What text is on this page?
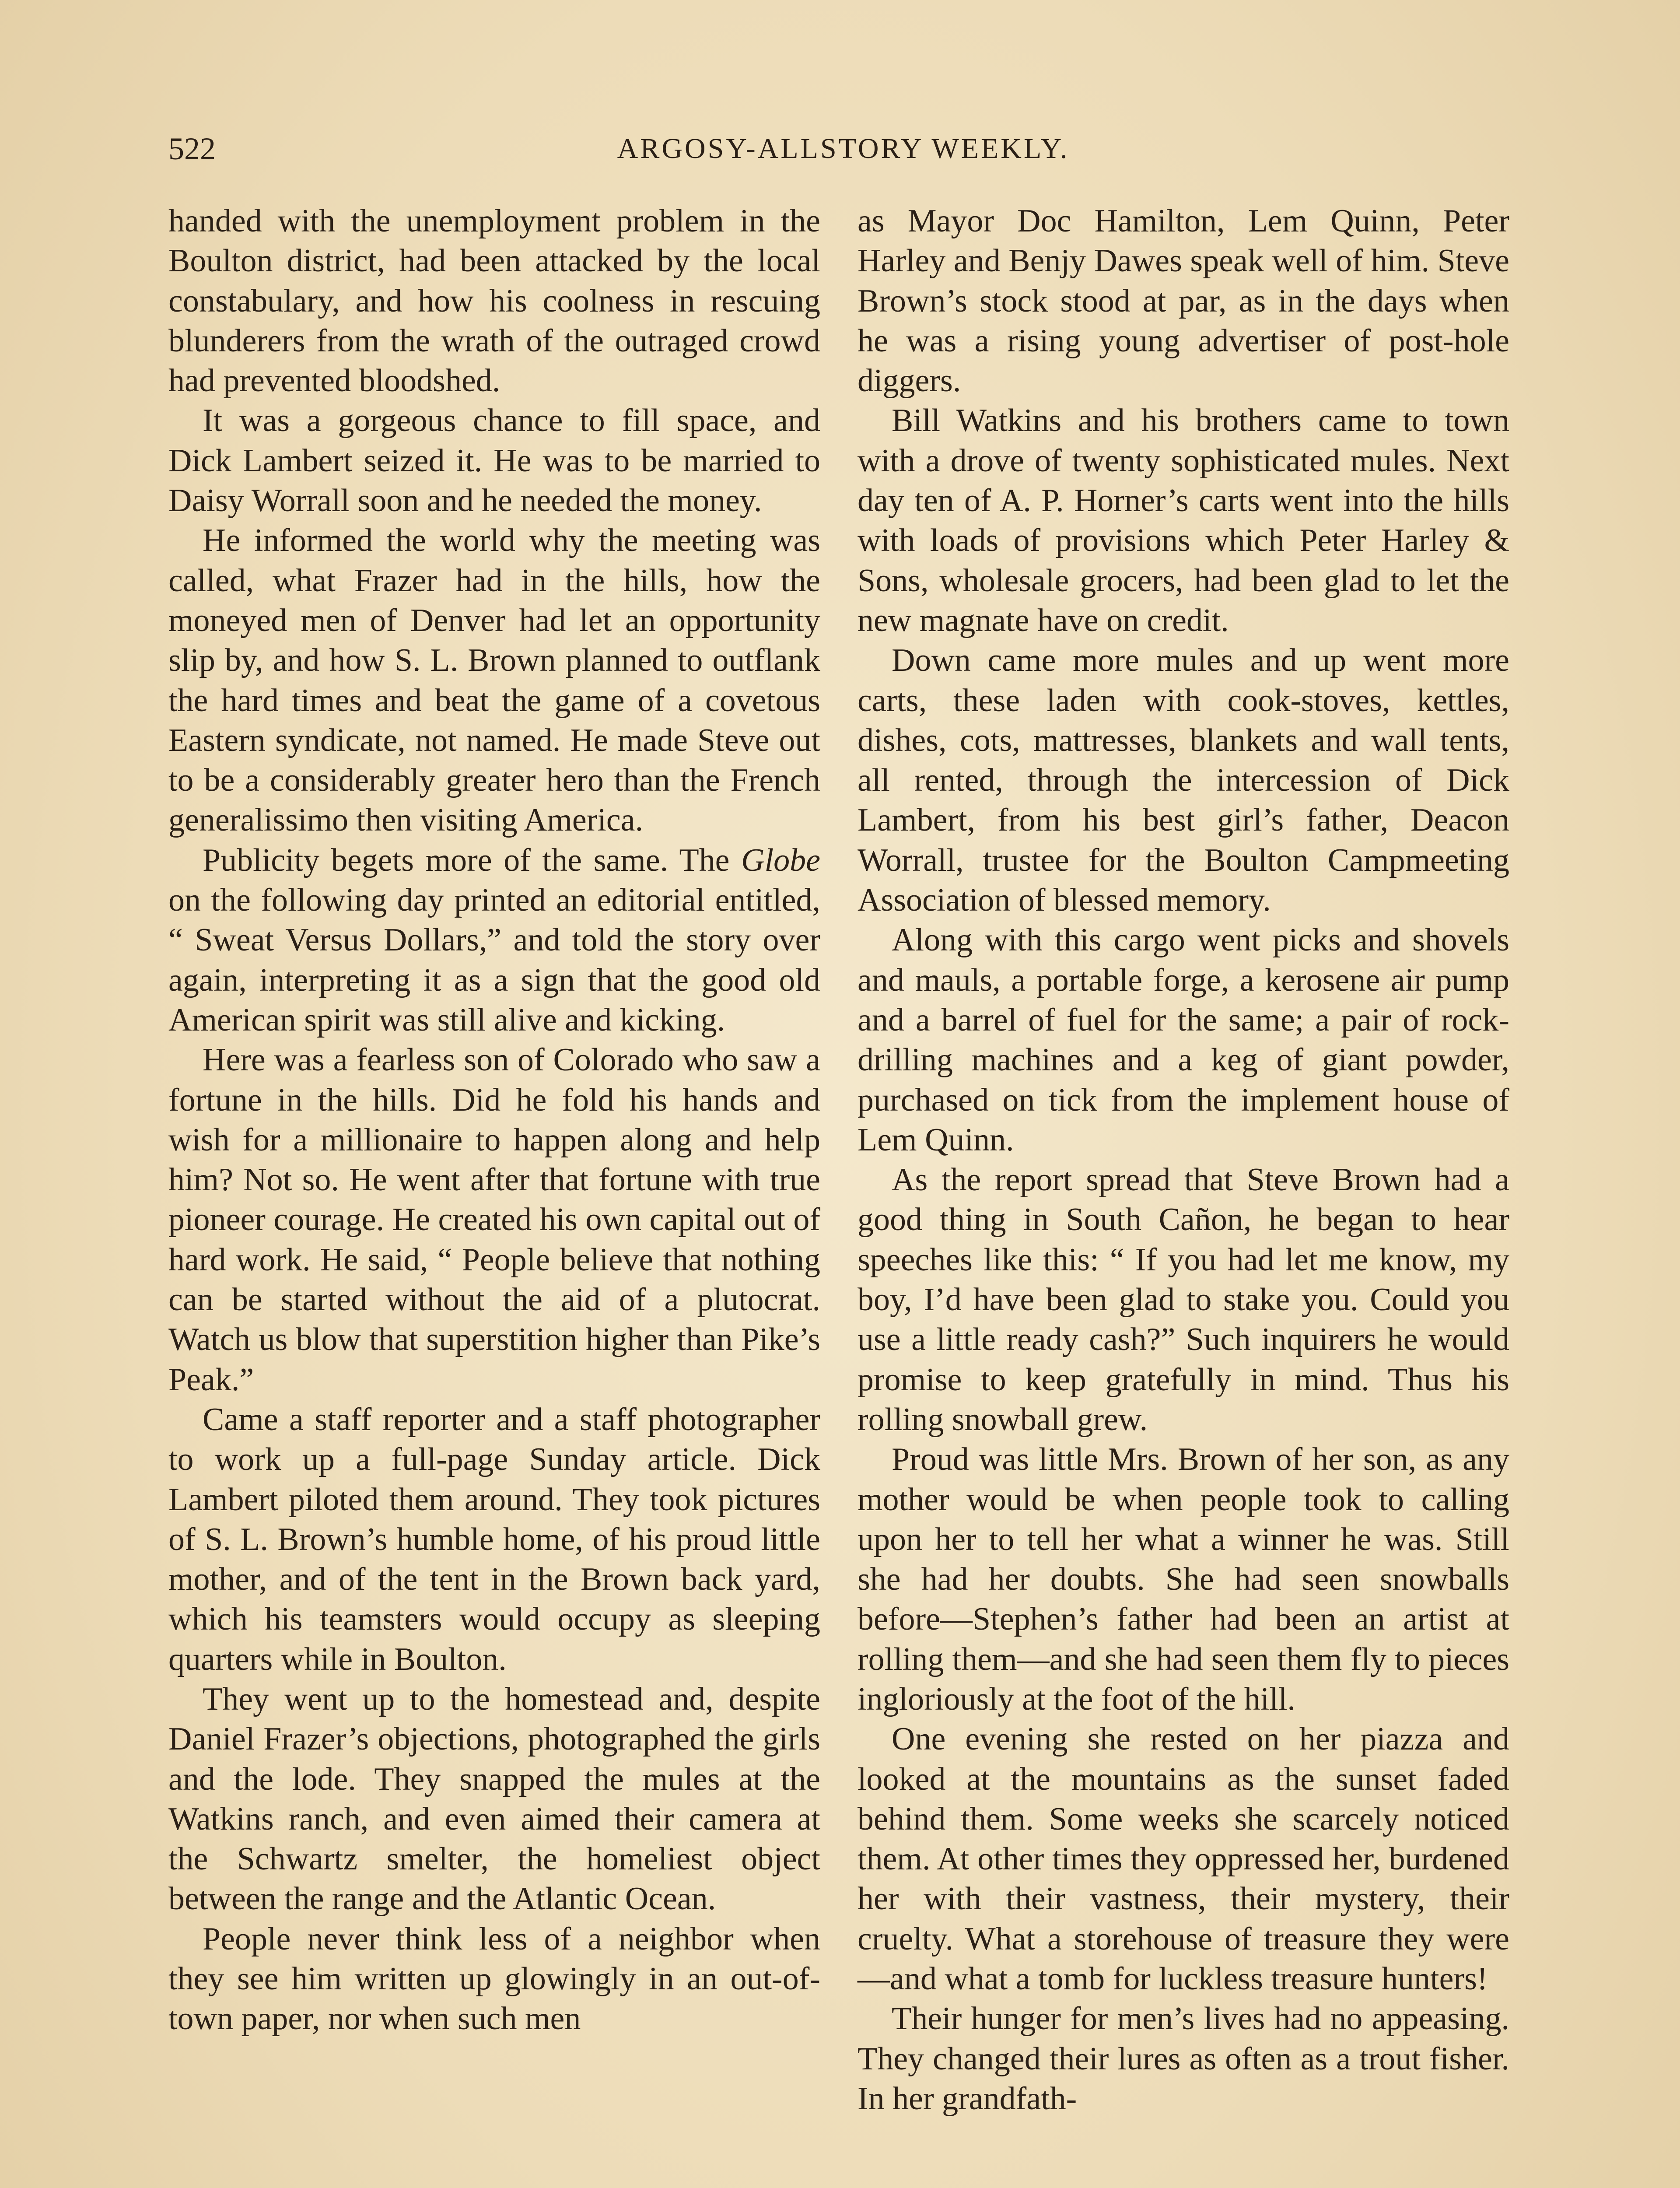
522	ARGOSY-ALLSTORY WEEKLY.

handed with the unemployment problem in the Boulton district, had been attacked by the local constabulary, and how his coolness in rescuing blunderers from the wrath of the outraged crowd had prevented bloodshed.

It was a gorgeous chance to fill space, and Dick Lambert seized it. He was to be married to Daisy Worrall soon and he needed the money.

He informed the world why the meeting was called, what Frazer had in the hills, how the moneyed men of Denver had let an opportunity slip by, and how S. L. Brown planned to outflank the hard times and beat the game of a covetous Eastern syndicate, not named. He made Steve out to be a considerably greater hero than the French generalissimo then visiting America.

Publicity begets more of the same. The Globe on the following day printed an editorial entitled, “ Sweat Versus Dollars,” and told the story over again, interpreting it as a sign that the good old American spirit was still alive and kicking.

Here was a fearless son of Colorado who saw a fortune in the hills. Did he fold his hands and wish for a millionaire to happen along and help him? Not so. He went after that fortune with true pioneer courage. He created his own capital out of hard work. He said, “ People believe that nothing can be started without the aid of a plutocrat. Watch us blow that superstition higher than Pike’s Peak.”

Came a staff reporter and a staff photographer to work up a full-page Sunday article. Dick Lambert piloted them around. They took pictures of S. L. Brown’s humble home, of his proud little mother, and of the tent in the Brown back yard, which his teamsters would occupy as sleeping quarters while in Boulton.

They went up to the homestead and, despite Daniel Frazer’s objections, photographed the girls and the lode. They snapped the mules at the Watkins ranch, and even aimed their camera at the Schwartz smelter, the homeliest object between the range and the Atlantic Ocean.

People never think less of a neighbor when they see him written up glowingly in an out-of-town paper, nor when such men

as Mayor Doc Hamilton, Lem Quinn, Peter Harley and Benjy Dawes speak well of him. Steve Brown’s stock stood at par, as in the days when he was a rising young advertiser of post-hole diggers.

Bill Watkins and his brothers came to town with a drove of twenty sophisticated mules. Next day ten of A. P. Horner’s carts went into the hills with loads of provisions which Peter Harley & Sons, wholesale grocers, had been glad to let the new magnate have on credit.

Down came more mules and up went more carts, these laden with cook-stoves, kettles, dishes, cots, mattresses, blankets and wall tents, all rented, through the intercession of Dick Lambert, from his best girl’s father, Deacon Worrall, trustee for the Boulton Campmeeting Association of blessed memory.

Along with this cargo went picks and shovels and mauls, a portable forge, a kerosene air pump and a barrel of fuel for the same; a pair of rock-drilling machines and a keg of giant powder, purchased on tick from the implement house of Lem Quinn.

As the report spread that Steve Brown had a good thing in South Cañon, he began to hear speeches like this: “ If you had let me know, my boy, I’d have been glad to stake you. Could you use a little ready cash?” Such inquirers he would promise to keep gratefully in mind. Thus his rolling snowball grew.

Proud was little Mrs. Brown of her son, as any mother would be when people took to calling upon her to tell her what a winner he was. Still she had her doubts. She had seen snowballs before—Stephen’s father had been an artist at rolling them—and she had seen them fly to pieces ingloriously at the foot of the hill.

One evening she rested on her piazza and looked at the mountains as the sunset faded behind them. Some weeks she scarcely noticed them. At other times they oppressed her, burdened her with their vastness, their mystery, their cruelty. What a storehouse of treasure they were—and what a tomb for luckless treasure hunters!

Their hunger for men’s lives had no appeasing. They changed their lures as often as a trout fisher. In her grandfath-
